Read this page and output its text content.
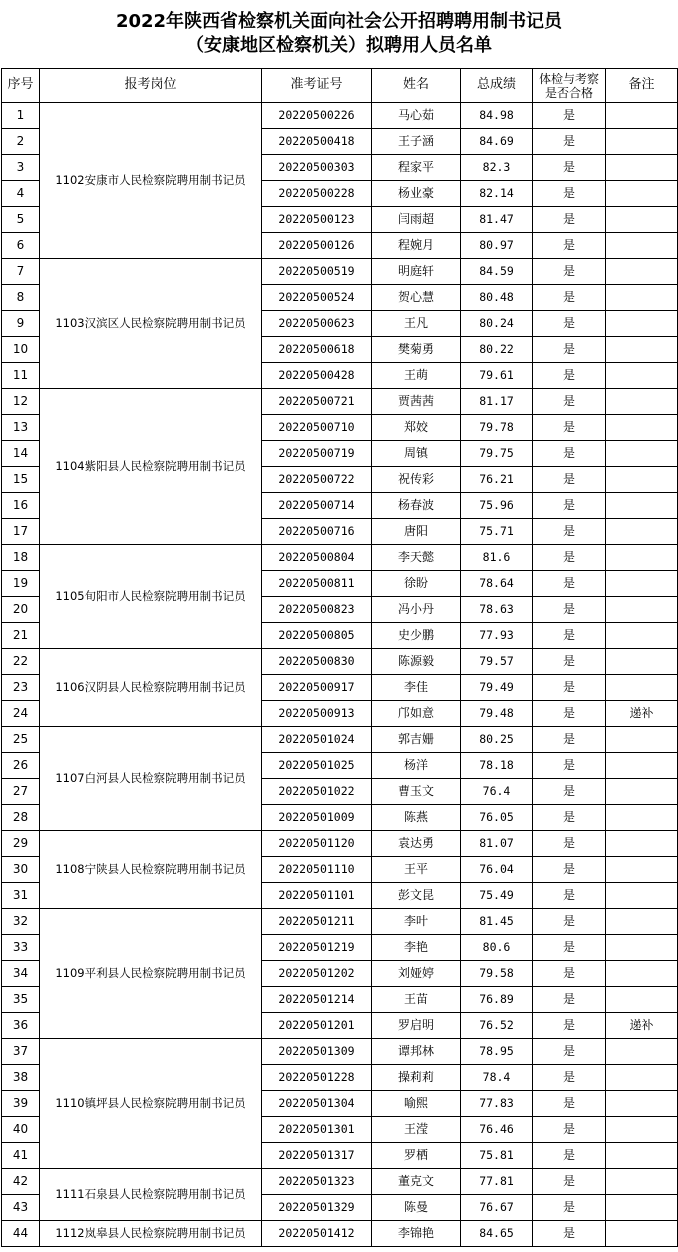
2022年陕西省检察机关面向社会公开招聘聘用制书记员
（安康地区检察机关）拟聘用人员名单
序号	报考岗位	准考证号	姓名	总成绩	体检与考察是否合格	备注
1	1102安康市人民检察院聘用制书记员	20220500226	马心茹	84.98	是	
2		20220500418	王子涵	84.69	是	
3		20220500303	程家平	82.3	是	
4		20220500228	杨业豪	82.14	是	
5		20220500123	闫雨超	81.47	是	
6		20220500126	程婉月	80.97	是	
7	1103汉滨区人民检察院聘用制书记员	20220500519	明庭轩	84.59	是	
8		20220500524	贺心慧	80.48	是	
9		20220500623	王凡	80.24	是	
10		20220500618	樊菊勇	80.22	是	
11		20220500428	王萌	79.61	是	
12	1104紫阳县人民检察院聘用制书记员	20220500721	贾茜茜	81.17	是	
13		20220500710	郑姣	79.78	是	
14		20220500719	周镇	79.75	是	
15		20220500722	祝传彩	76.21	是	
16		20220500714	杨春波	75.96	是	
17		20220500716	唐阳	75.71	是	
18	1105旬阳市人民检察院聘用制书记员	20220500804	李天懿	81.6	是	
19		20220500811	徐盼	78.64	是	
20		20220500823	冯小丹	78.63	是	
21		20220500805	史少鹏	77.93	是	
22	1106汉阴县人民检察院聘用制书记员	20220500830	陈源毅	79.57	是	
23		20220500917	李佳	79.49	是	
24		20220500913	邝如意	79.48	是	递补
25	1107白河县人民检察院聘用制书记员	20220501024	郭吉姗	80.25	是	
26		20220501025	杨洋	78.18	是	
27		20220501022	曹玉文	76.4	是	
28		20220501009	陈燕	76.05	是	
29	1108宁陕县人民检察院聘用制书记员	20220501120	袁达勇	81.07	是	
30		20220501110	王平	76.04	是	
31		20220501101	彭文昆	75.49	是	
32	1109平利县人民检察院聘用制书记员	20220501211	李叶	81.45	是	
33		20220501219	李艳	80.6	是	
34		20220501202	刘娅婷	79.58	是	
35		20220501214	王苗	76.89	是	
36		20220501201	罗启明	76.52	是	递补
37	1110镇坪县人民检察院聘用制书记员	20220501309	谭邦林	78.95	是	
38		20220501228	操莉莉	78.4	是	
39		20220501304	喻熙	77.83	是	
40		20220501301	王滢	76.46	是	
41		20220501317	罗栖	75.81	是	
42	1111石泉县人民检察院聘用制书记员	20220501323	董克文	77.81	是	
43		20220501329	陈曼	76.67	是	
44	1112岚皋县人民检察院聘用制书记员	20220501412	李锦艳	84.65	是	
